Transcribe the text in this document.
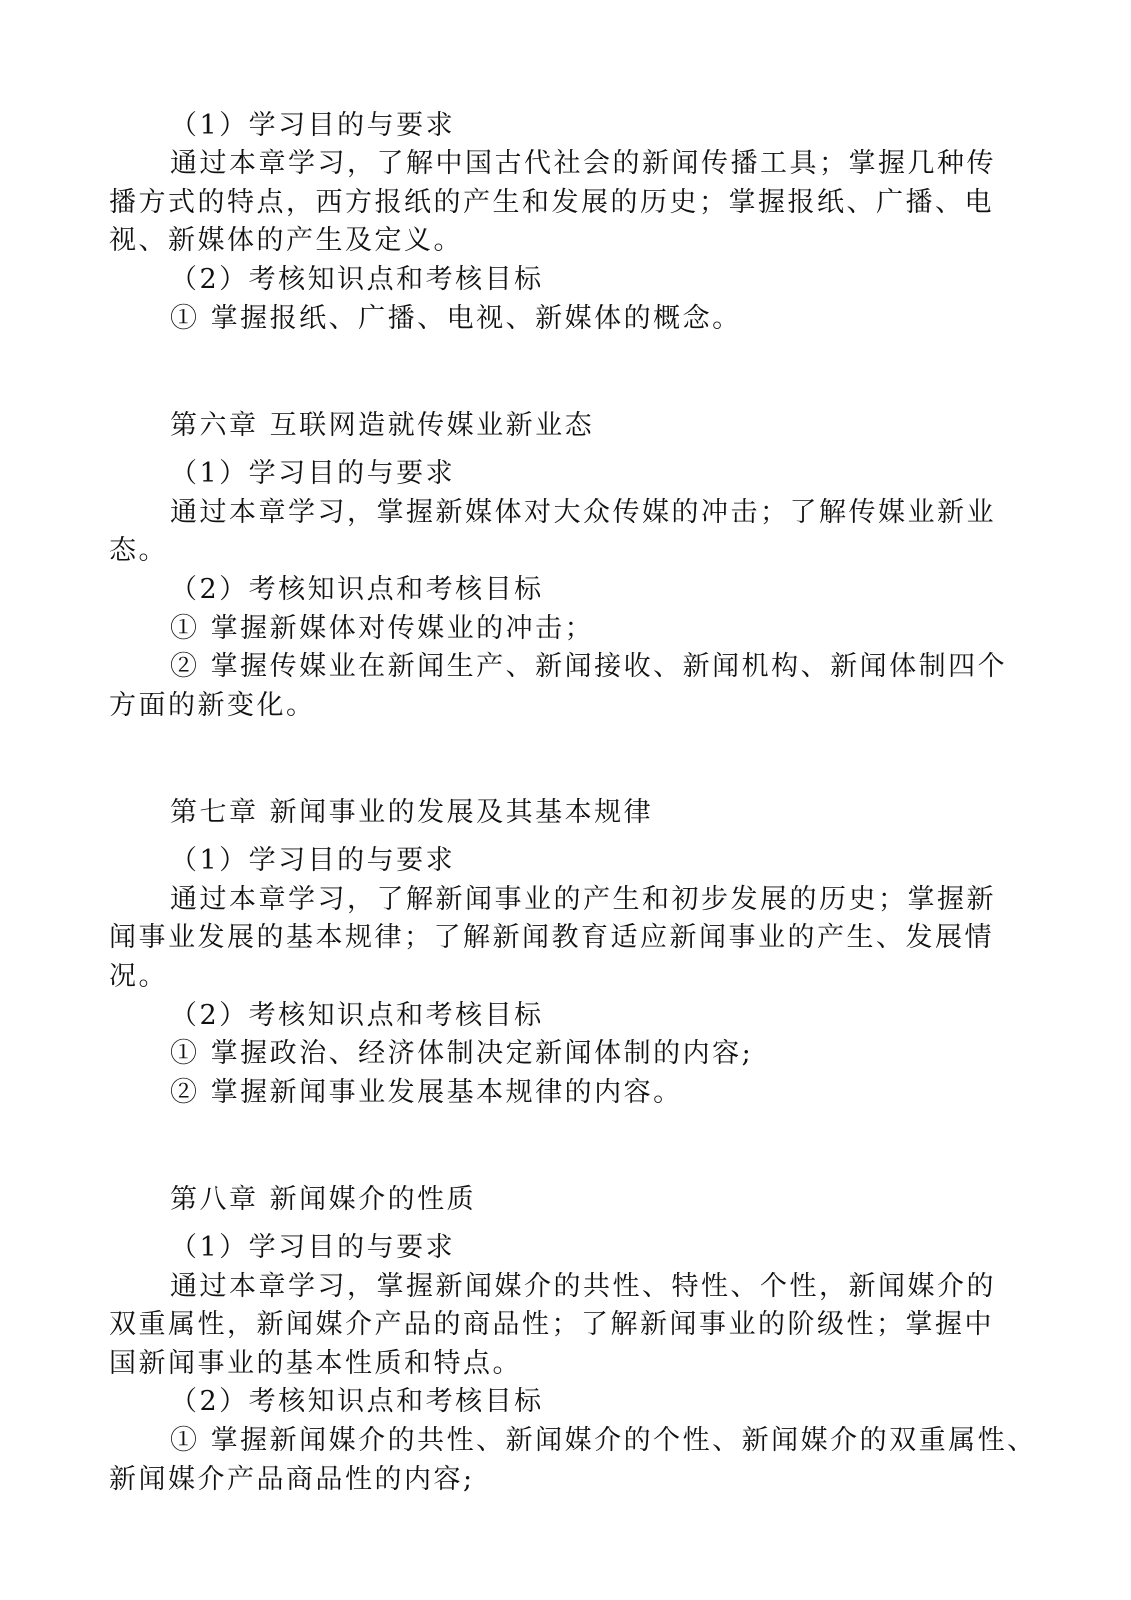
（1）学习目的与要求
通过本章学习，了解中国古代社会的新闻传播工具；掌握几种传
播方式的特点，西方报纸的产生和发展的历史；掌握报纸、广播、电
视、新媒体的产生及定义。
（2）考核知识点和考核目标
① 掌握报纸、广播、电视、新媒体的概念。
第六章 互联网造就传媒业新业态
（1）学习目的与要求
通过本章学习，掌握新媒体对大众传媒的冲击；了解传媒业新业
态。
（2）考核知识点和考核目标
① 掌握新媒体对传媒业的冲击；
② 掌握传媒业在新闻生产、新闻接收、新闻机构、新闻体制四个
方面的新变化。
第七章 新闻事业的发展及其基本规律
（1）学习目的与要求
通过本章学习，了解新闻事业的产生和初步发展的历史；掌握新
闻事业发展的基本规律；了解新闻教育适应新闻事业的产生、发展情
况。
（2）考核知识点和考核目标
① 掌握政治、经济体制决定新闻体制的内容;
② 掌握新闻事业发展基本规律的内容。
第八章 新闻媒介的性质
（1）学习目的与要求
通过本章学习，掌握新闻媒介的共性、特性、个性，新闻媒介的
双重属性，新闻媒介产品的商品性；了解新闻事业的阶级性；掌握中
国新闻事业的基本性质和特点。
（2）考核知识点和考核目标
① 掌握新闻媒介的共性、新闻媒介的个性、新闻媒介的双重属性、
新闻媒介产品商品性的内容;
